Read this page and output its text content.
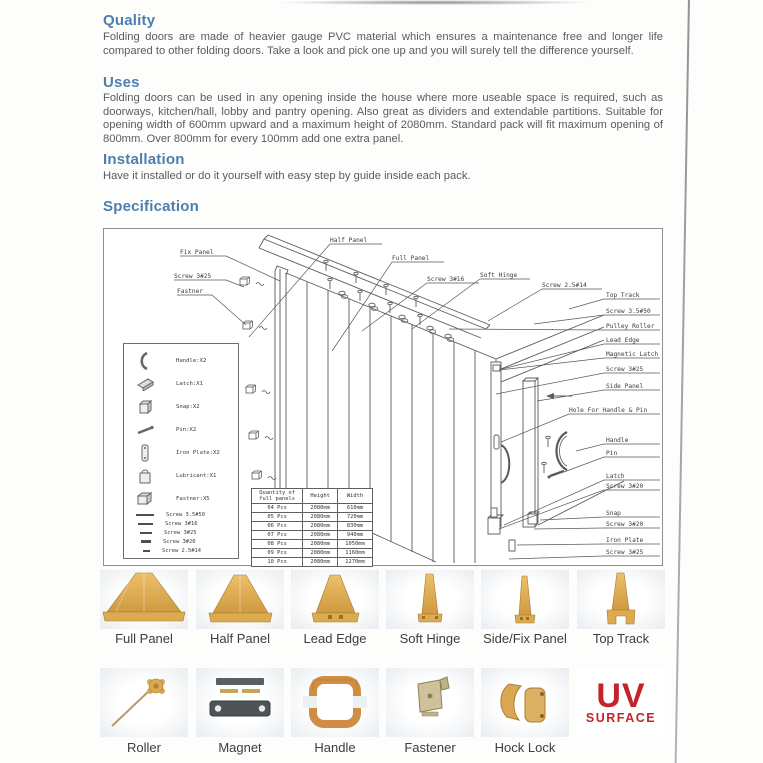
Quality
Folding doors are made of heavier gauge PVC material which ensures a maintenance free and longer life compared to other folding doors. Take a look and pick one up and you will surely tell the difference yourself.
Uses
Folding doors can be used in any opening inside the house where more useable space is required, such as doorways, kitchen/hall, lobby and pantry opening. Also great as dividers and extendable partitions. Suitable for opening width of 600mm upward and a maximum height of 2080mm. Standard pack will fit maximum opening of 800mm. Over 800mm for every 100mm add one extra panel.
Installation
Have it installed or do it yourself with easy step by guide inside each pack.
Specification
Fix Panel
Screw 3#25
Fastner
Half Panel
Full Panel
Screw 3#16
Soft Hinge
Screw 2.5#14
Top Track
Screw 3.5#50
Pulley Roller
Lead Edge
Magnetic Latch
Screw 3#25
Side Panel
Hole For Handle & Pin
Handle
Pin
Latch
Screw 3#20
Snap
Screw 3#20
Iron Plate
Screw 3#25
Handle:X2
Latch:X1
Snap:X2
Pin:X2
Iron Plate:X2
Lubricant:X1
Fastner:X5
Screw 3.5#50
Screw 3#16
Screw 3#25
Screw 3#20
Screw 2.5#14
Quantity of full panels	Height	Width
04 Pcs	2080mm	610mm
05 Pcs	2080mm	720mm
06 Pcs	2080mm	830mm
07 Pcs	2080mm	940mm
08 Pcs	2080mm	1050mm
09 Pcs	2080mm	1160mm
10 Pcs	2080mm	1270mm
Full Panel	Half Panel	Lead Edge	Soft Hinge	Side/Fix Panel	Top Track
UV
SURFACE
Roller	Magnet	Handle	Fastener	Hock Lock
